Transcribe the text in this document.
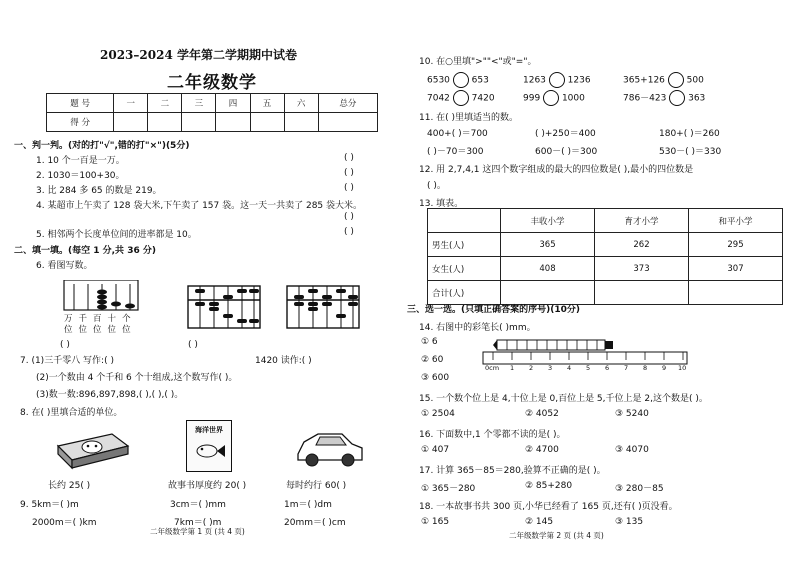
2023–2024 学年第二学期期中试卷
二年级数学
题 号	一	二	三	四	五	六	总分
得 分							
一、判一判。(对的打"√",错的打"×")(5分)
1. 10 个一百是一万。	( )
2. 1030＝100+30。	( )
3. 比 284 多 65 的数是 219。	( )
4. 某超市上午卖了 128 袋大米,下午卖了 157 袋。这一天一共卖了 285 袋大米。
( )
5. 相邻两个长度单位间的进率都是 10。	( )
二、填一填。(每空 1 分,共 36 分)
6. 看图写数。
万千百十个
位位位位位
( )	( )
1420 读作:( )
7. (1)三千零八 写作:( )
(2)一个数由 4 个千和 6 个十组成,这个数写作( )。
(3)数一数:896,897,898,( ),( ),( )。
8. 在( )里填合适的单位。
海洋世界
长约 25( )	故事书厚度约 20( )	每时约行 60( )
9. 5km＝( )m	3cm＝( )mm	1m＝( )dm
2000m＝( )km	7km＝( )m	20mm＝( )cm
二年级数学第 1 页 (共 4 页)
10. 在○里填">""<"或"="。
6530 653	1263 1236	365+126 500
7042 7420	999 1000	786－423 363
11. 在( )里填适当的数。
400+( )＝700	( )+250＝400	180+( )＝260
( )－70＝300	600－( )＝300	530－( )＝330
12. 用 2,7,4,1 这四个数字组成的最大的四位数是( ),最小的四位数是
( )。
13. 填表。
	丰收小学	育才小学	和平小学
男生(人)	365	262	295
女生(人)	408	373	307
合计(人)			
三、选一选。(只填正确答案的序号)(10分)
14. 右图中的彩笔长( )mm。
① 6
② 60
③ 600
0cm 1 2 3 4 5 6 7 8 9 10
15. 一个数个位上是 4,十位上是 0,百位上是 5,千位上是 2,这个数是( )。
① 2504	② 4052	③ 5240
16. 下面数中,1 个零都不读的是( )。
① 407	② 4700	③ 4070
17. 计算 365－85＝280,验算不正确的是( )。
① 365－280	② 85+280	③ 280－85
18. 一本故事书共 300 页,小华已经看了 165 页,还有( )页没看。
① 165	② 145	③ 135
二年级数学第 2 页 (共 4 页)
